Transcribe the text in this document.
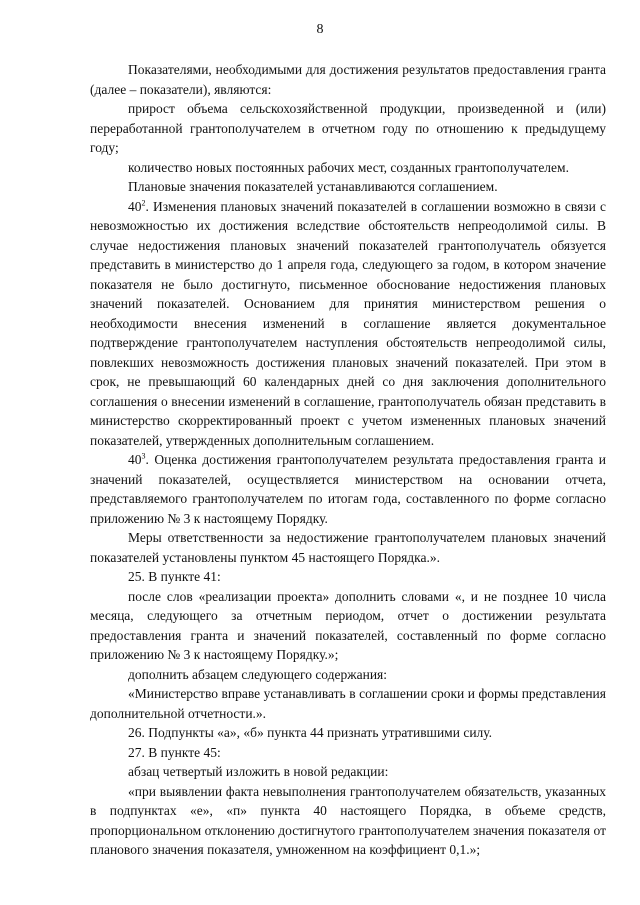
8

Показателями, необходимыми для достижения результатов предоставления гранта (далее – показатели), являются:

прирост объема сельскохозяйственной продукции, произведенной и (или) переработанной грантополучателем в отчетном году по отношению к предыдущему году;

количество новых постоянных рабочих мест, созданных грантополучателем.

Плановые значения показателей устанавливаются соглашением.

$40^2$. Изменения плановых значений показателей в соглашении возможно в связи с невозможностью их достижения вследствие обстоятельств непреодолимой силы. В случае недостижения плановых значений показателей грантополучатель обязуется представить в министерство до 1 апреля года, следующего за годом, в котором значение показателя не было достигнуто, письменное обоснование недостижения плановых значений показателей. Основанием для принятия министерством решения о необходимости внесения изменений в соглашение является документальное подтверждение грантополучателем наступления обстоятельств непреодолимой силы, повлекших невозможность достижения плановых значений показателей. При этом в срок, не превышающий 60 календарных дней со дня заключения дополнительного соглашения о внесении изменений в соглашение, грантополучатель обязан представить в министерство скорректированный проект с учетом измененных плановых значений показателей, утвержденных дополнительным соглашением.

$40^3$. Оценка достижения грантополучателем результата предоставления гранта и значений показателей, осуществляется министерством на основании отчета, представляемого грантополучателем по итогам года, составленного по форме согласно приложению № 3 к настоящему Порядку.

Меры ответственности за недостижение грантополучателем плановых значений показателей установлены пунктом 45 настоящего Порядка.».

25. В пункте 41:

после слов «реализации проекта» дополнить словами «, и не позднее 10 числа месяца, следующего за отчетным периодом, отчет о достижении результата предоставления гранта и значений показателей, составленный по форме согласно приложению № 3 к настоящему Порядку.»;

дополнить абзацем следующего содержания:

«Министерство вправе устанавливать в соглашении сроки и формы представления дополнительной отчетности.».

26. Подпункты «а», «б» пункта 44 признать утратившими силу.

27. В пункте 45:

абзац четвертый изложить в новой редакции:

«при выявлении факта невыполнения грантополучателем обязательств, указанных в подпунктах «е», «п» пункта 40 настоящего Порядка, в объеме средств, пропорциональном отклонению достигнутого грантополучателем значения показателя от планового значения показателя, умноженном на коэффициент 0,1.»;
